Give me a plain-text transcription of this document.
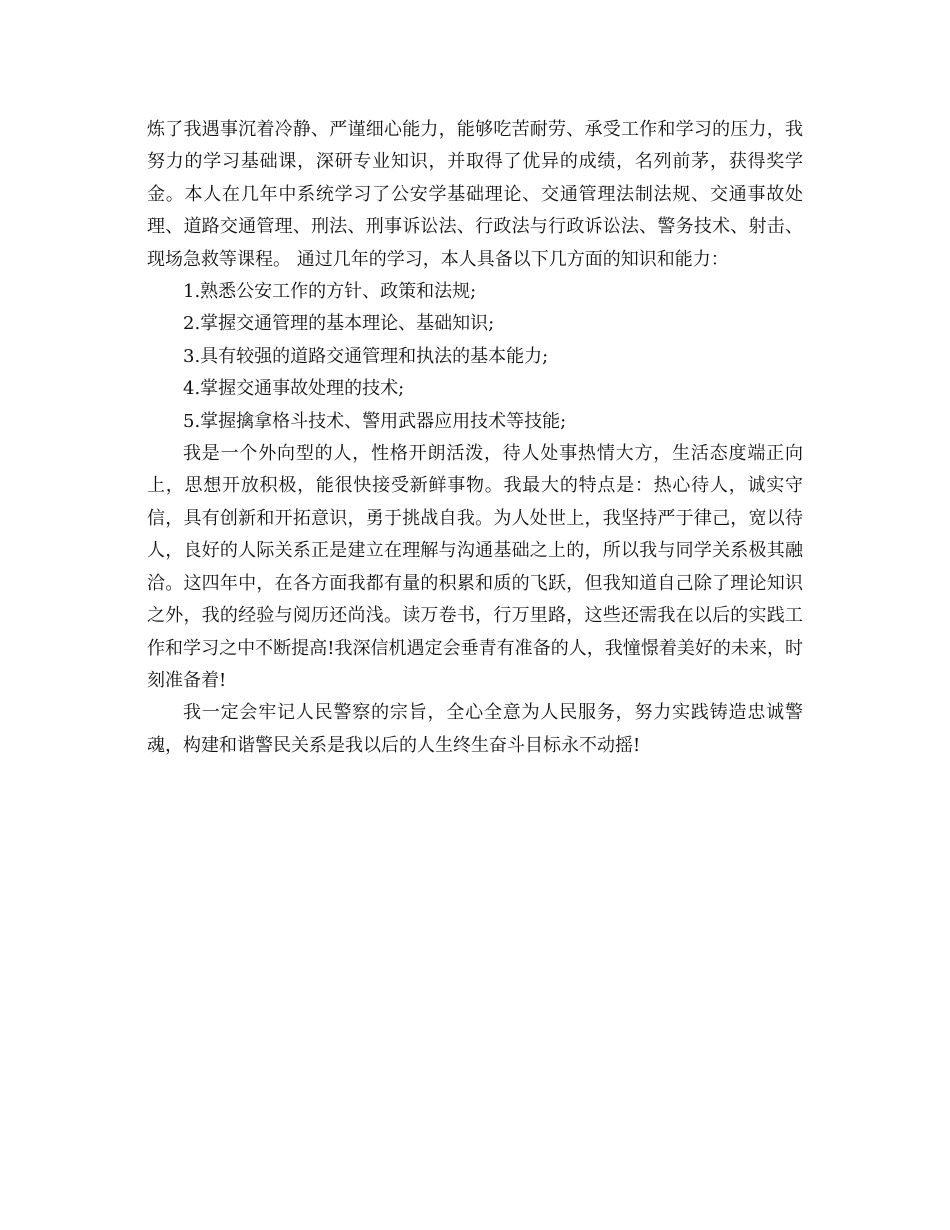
炼了我遇事沉着冷静、严谨细心能力，能够吃苦耐劳、承受工作和学习的压力，我努力的学习基础课，深研专业知识，并取得了优异的成绩，名列前茅，获得奖学金。本人在几年中系统学习了公安学基础理论、交通管理法制法规、交通事故处理、道路交通管理、刑法、刑事诉讼法、行政法与行政诉讼法、警务技术、射击、现场急救等课程。 通过几年的学习，本人具备以下几方面的知识和能力：

1.熟悉公安工作的方针、政策和法规;

2.掌握交通管理的基本理论、基础知识;

3.具有较强的道路交通管理和执法的基本能力;

4.掌握交通事故处理的技术;

5.掌握擒拿格斗技术、警用武器应用技术等技能;

我是一个外向型的人，性格开朗活泼，待人处事热情大方，生活态度端正向上，思想开放积极，能很快接受新鲜事物。我最大的特点是：热心待人，诚实守信，具有创新和开拓意识，勇于挑战自我。为人处世上，我坚持严于律己，宽以待人，良好的人际关系正是建立在理解与沟通基础之上的，所以我与同学关系极其融洽。这四年中，在各方面我都有量的积累和质的飞跃，但我知道自己除了理论知识之外，我的经验与阅历还尚浅。读万卷书，行万里路，这些还需我在以后的实践工作和学习之中不断提高!我深信机遇定会垂青有准备的人，我憧憬着美好的未来，时刻准备着!

我一定会牢记人民警察的宗旨，全心全意为人民服务，努力实践铸造忠诚警魂，构建和谐警民关系是我以后的人生终生奋斗目标永不动摇!
